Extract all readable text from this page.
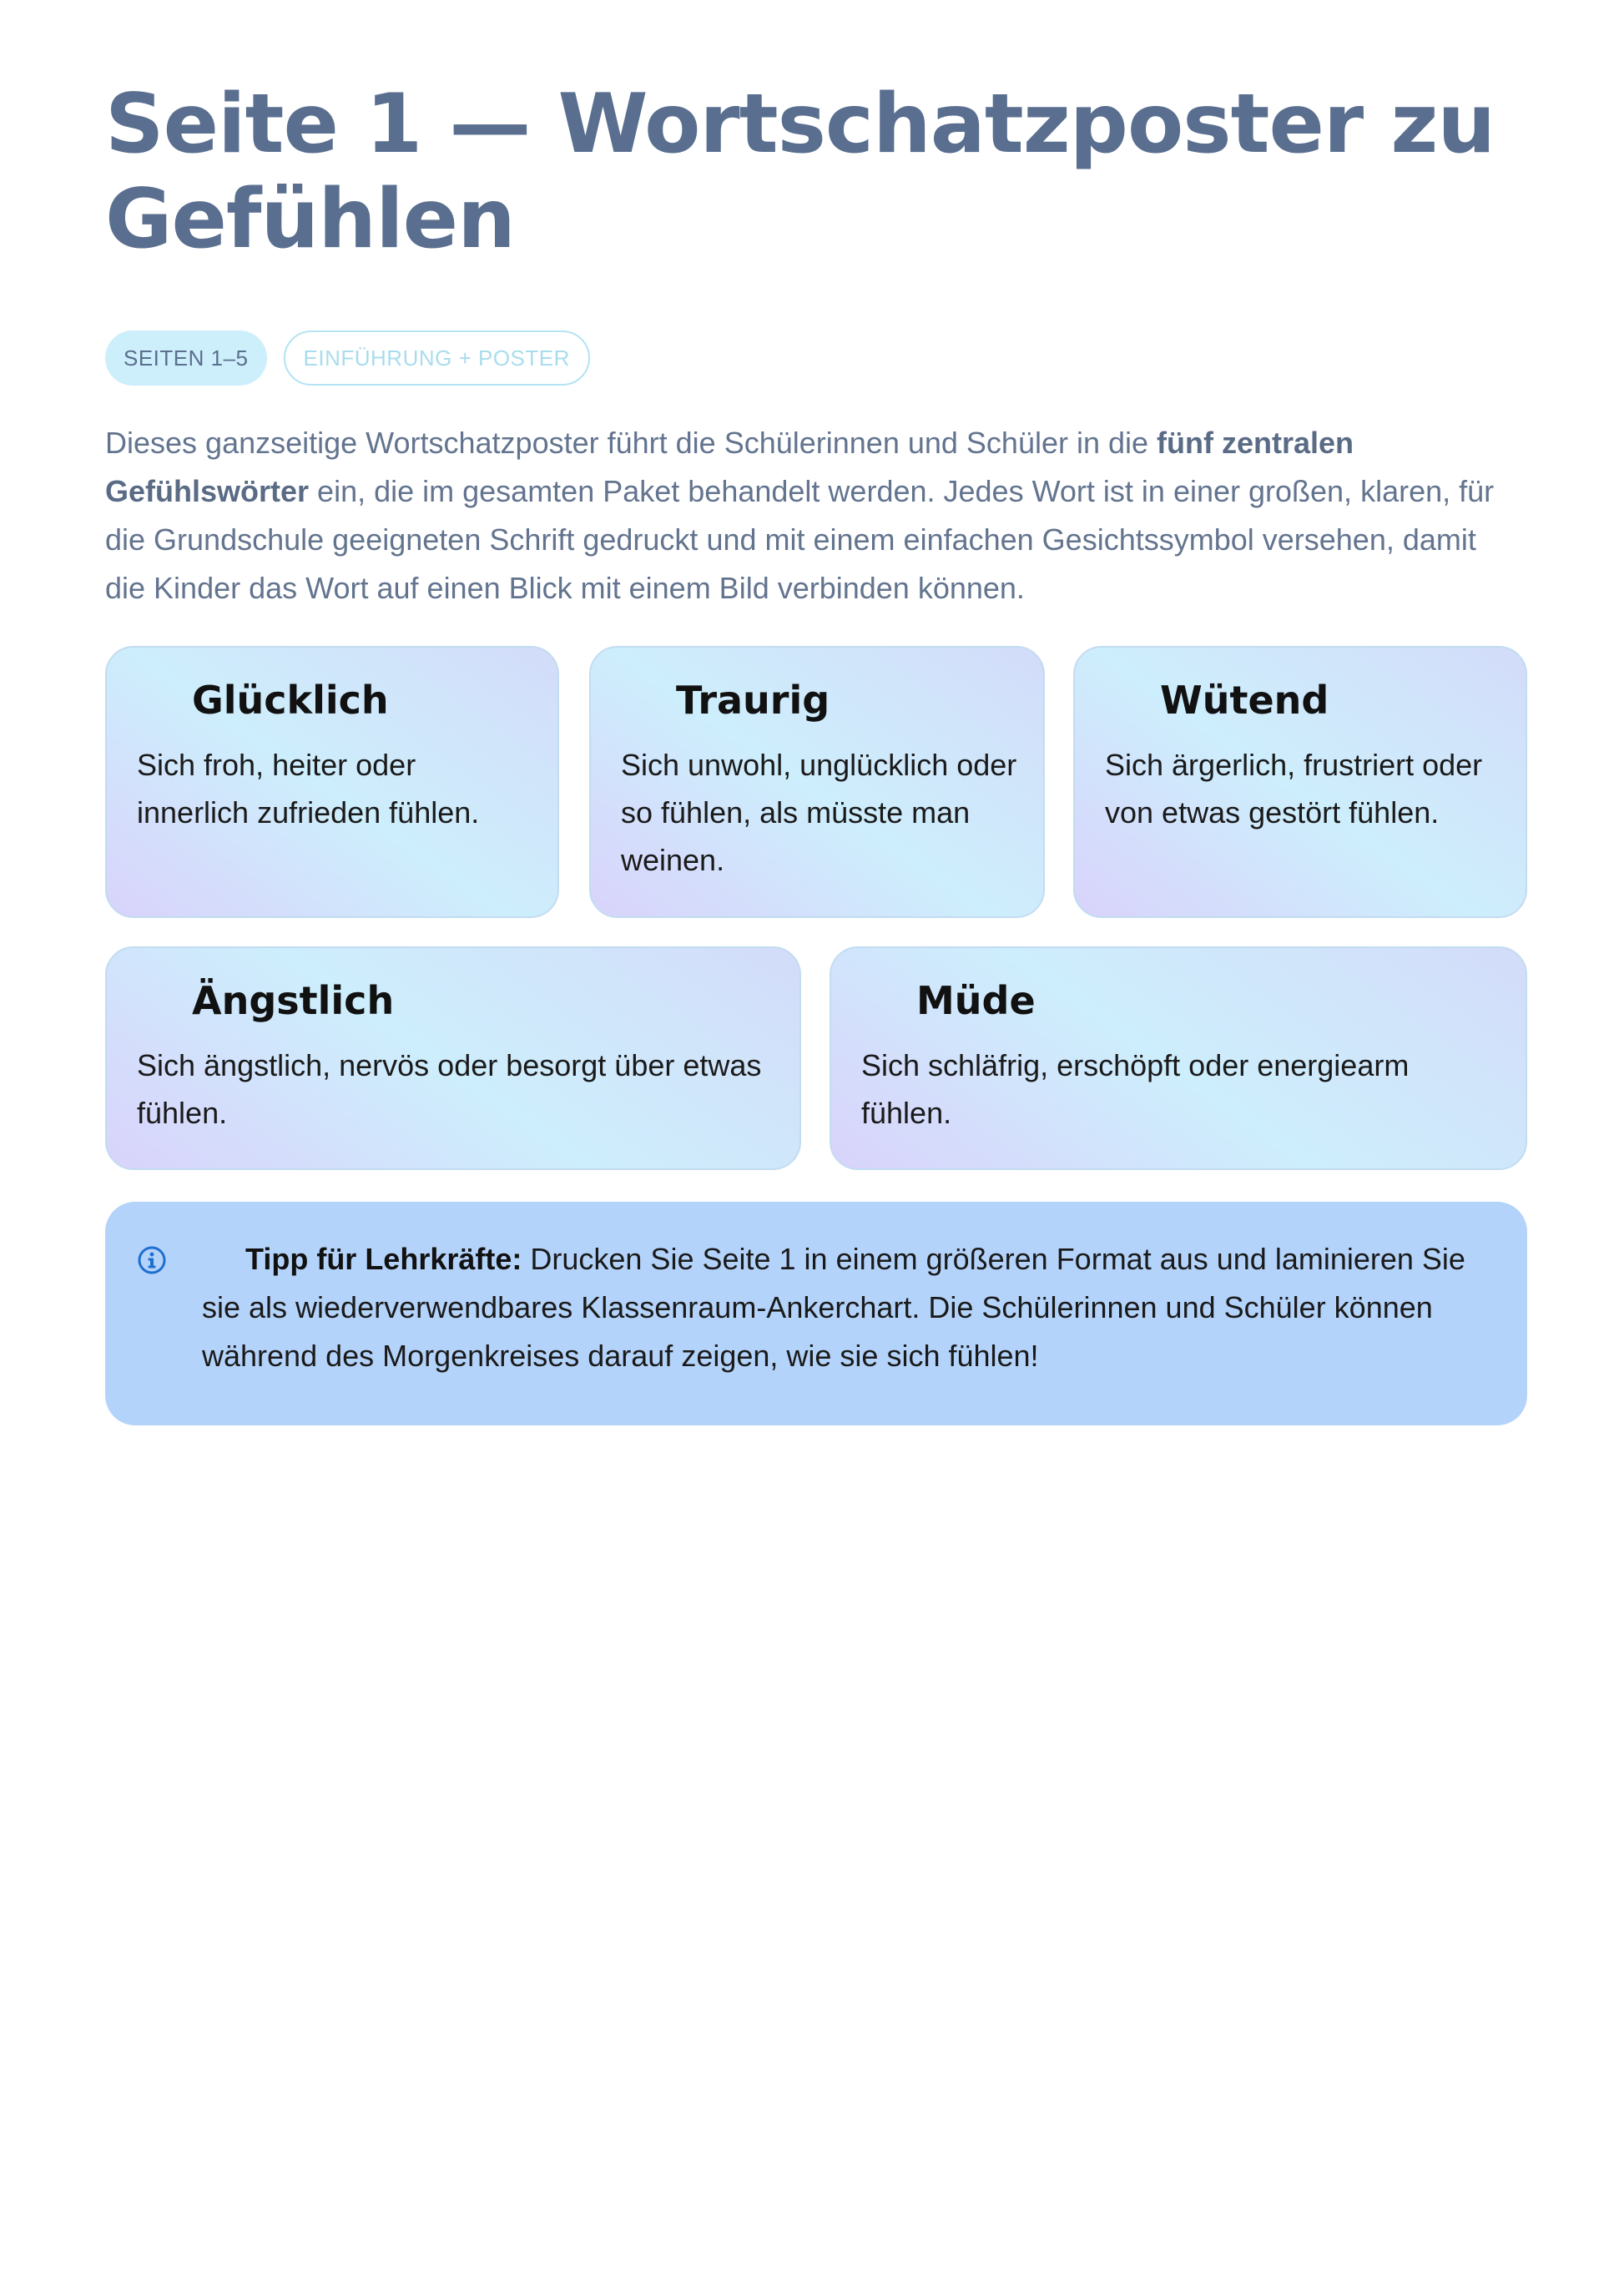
Seite 1 — Wortschatzposter zu Gefühlen
SEITEN 1–5	EINFÜHRUNG + POSTER

Dieses ganzseitige Wortschatzposter führt die Schülerinnen und Schüler in die fünf zentralen Gefühlswörter ein, die im gesamten Paket behandelt werden. Jedes Wort ist in einer großen, klaren, für die Grundschule geeigneten Schrift gedruckt und mit einem einfachen Gesichtssymbol versehen, damit die Kinder das Wort auf einen Blick mit einem Bild verbinden können.

Glücklich

Sich froh, heiter oder innerlich zufrieden fühlen.

Traurig

Sich unwohl, unglücklich oder so fühlen, als müsste man weinen.

Wütend

Sich ärgerlich, frustriert oder von etwas gestört fühlen.

Ängstlich

Sich ängstlich, nervös oder besorgt über etwas fühlen.

Müde

Sich schläfrig, erschöpft oder energiearm fühlen.

Tipp für Lehrkräfte: Drucken Sie Seite 1 in einem größeren Format aus und laminieren Sie sie als wiederverwendbares Klassenraum-Ankerchart. Die Schülerinnen und Schüler können während des Morgenkreises darauf zeigen, wie sie sich fühlen!
